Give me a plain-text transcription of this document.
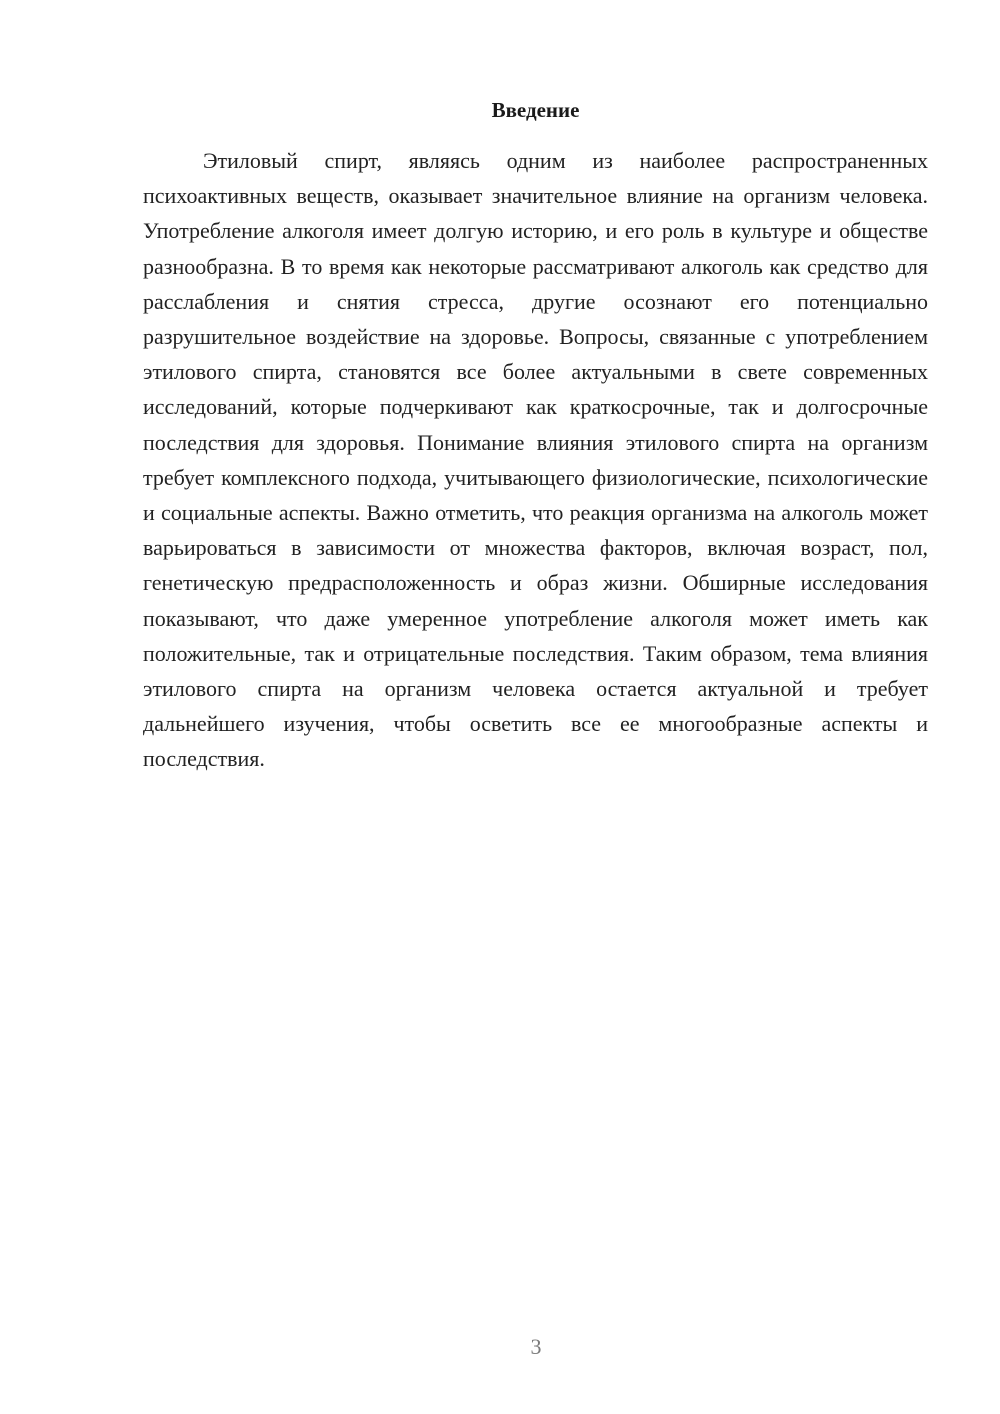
Введение
Этиловый спирт, являясь одним из наиболее распространенных психоактивных веществ, оказывает значительное влияние на организм человека. Употребление алкоголя имеет долгую историю, и его роль в культуре и обществе разнообразна. В то время как некоторые рассматривают алкоголь как средство для расслабления и снятия стресса, другие осознают его потенциально разрушительное воздействие на здоровье. Вопросы, связанные с употреблением этилового спирта, становятся все более актуальными в свете современных исследований, которые подчеркивают как краткосрочные, так и долгосрочные последствия для здоровья. Понимание влияния этилового спирта на организм требует комплексного подхода, учитывающего физиологические, психологические и социальные аспекты. Важно отметить, что реакция организма на алкоголь может варьироваться в зависимости от множества факторов, включая возраст, пол, генетическую предрасположенность и образ жизни. Обширные исследования показывают, что даже умеренное употребление алкоголя может иметь как положительные, так и отрицательные последствия. Таким образом, тема влияния этилового спирта на организм человека остается актуальной и требует дальнейшего изучения, чтобы осветить все ее многообразные аспекты и последствия.
3
